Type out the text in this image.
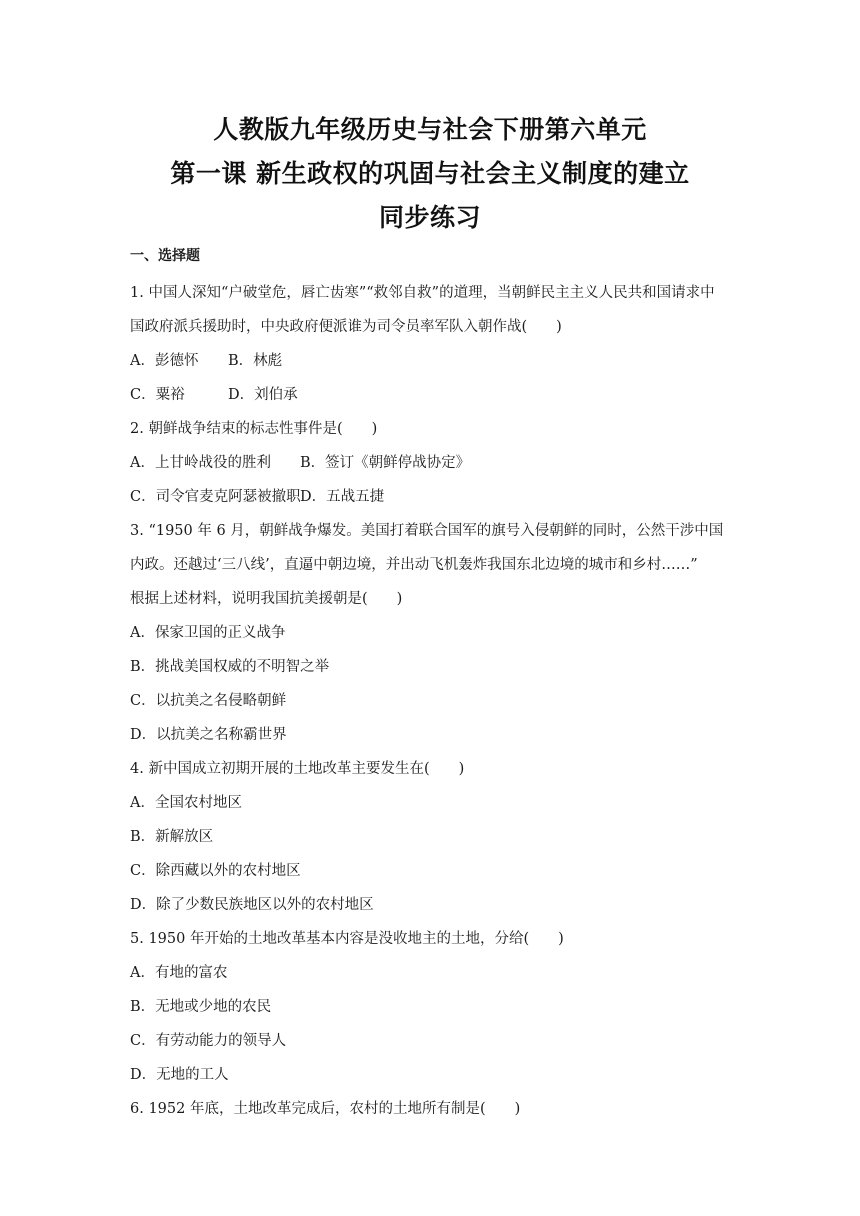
人教版九年级历史与社会下册第六单元
第一课 新生政权的巩固与社会主义制度的建立
同步练习
一、选择题
1. 中国人深知“户破堂危，唇亡齿寒”“救邻自救”的道理，当朝鲜民主主义人民共和国请求中
国政府派兵援助时，中央政府便派谁为司令员率军队入朝作战(　　)
A．彭德怀	B．林彪
C．粟裕	D．刘伯承
2. 朝鲜战争结束的标志性事件是(　　)
A．上甘岭战役的胜利	B．签订《朝鲜停战协定》
C．司令官麦克阿瑟被撤职 D．五战五捷
3. “1950 年 6 月，朝鲜战争爆发。美国打着联合国军的旗号入侵朝鲜的同时，公然干涉中国
内政。还越过‘三八线’，直逼中朝边境，并出动飞机轰炸我国东北边境的城市和乡村……”
根据上述材料，说明我国抗美援朝是(　　)
A．保家卫国的正义战争
B．挑战美国权威的不明智之举
C．以抗美之名侵略朝鲜
D．以抗美之名称霸世界
4. 新中国成立初期开展的土地改革主要发生在(　　)
A．全国农村地区
B．新解放区
C．除西藏以外的农村地区
D．除了少数民族地区以外的农村地区
5. 1950 年开始的土地改革基本内容是没收地主的土地，分给(　　)
A．有地的富农
B．无地或少地的农民
C．有劳动能力的领导人
D．无地的工人
6. 1952 年底，土地改革完成后，农村的土地所有制是(　　)
